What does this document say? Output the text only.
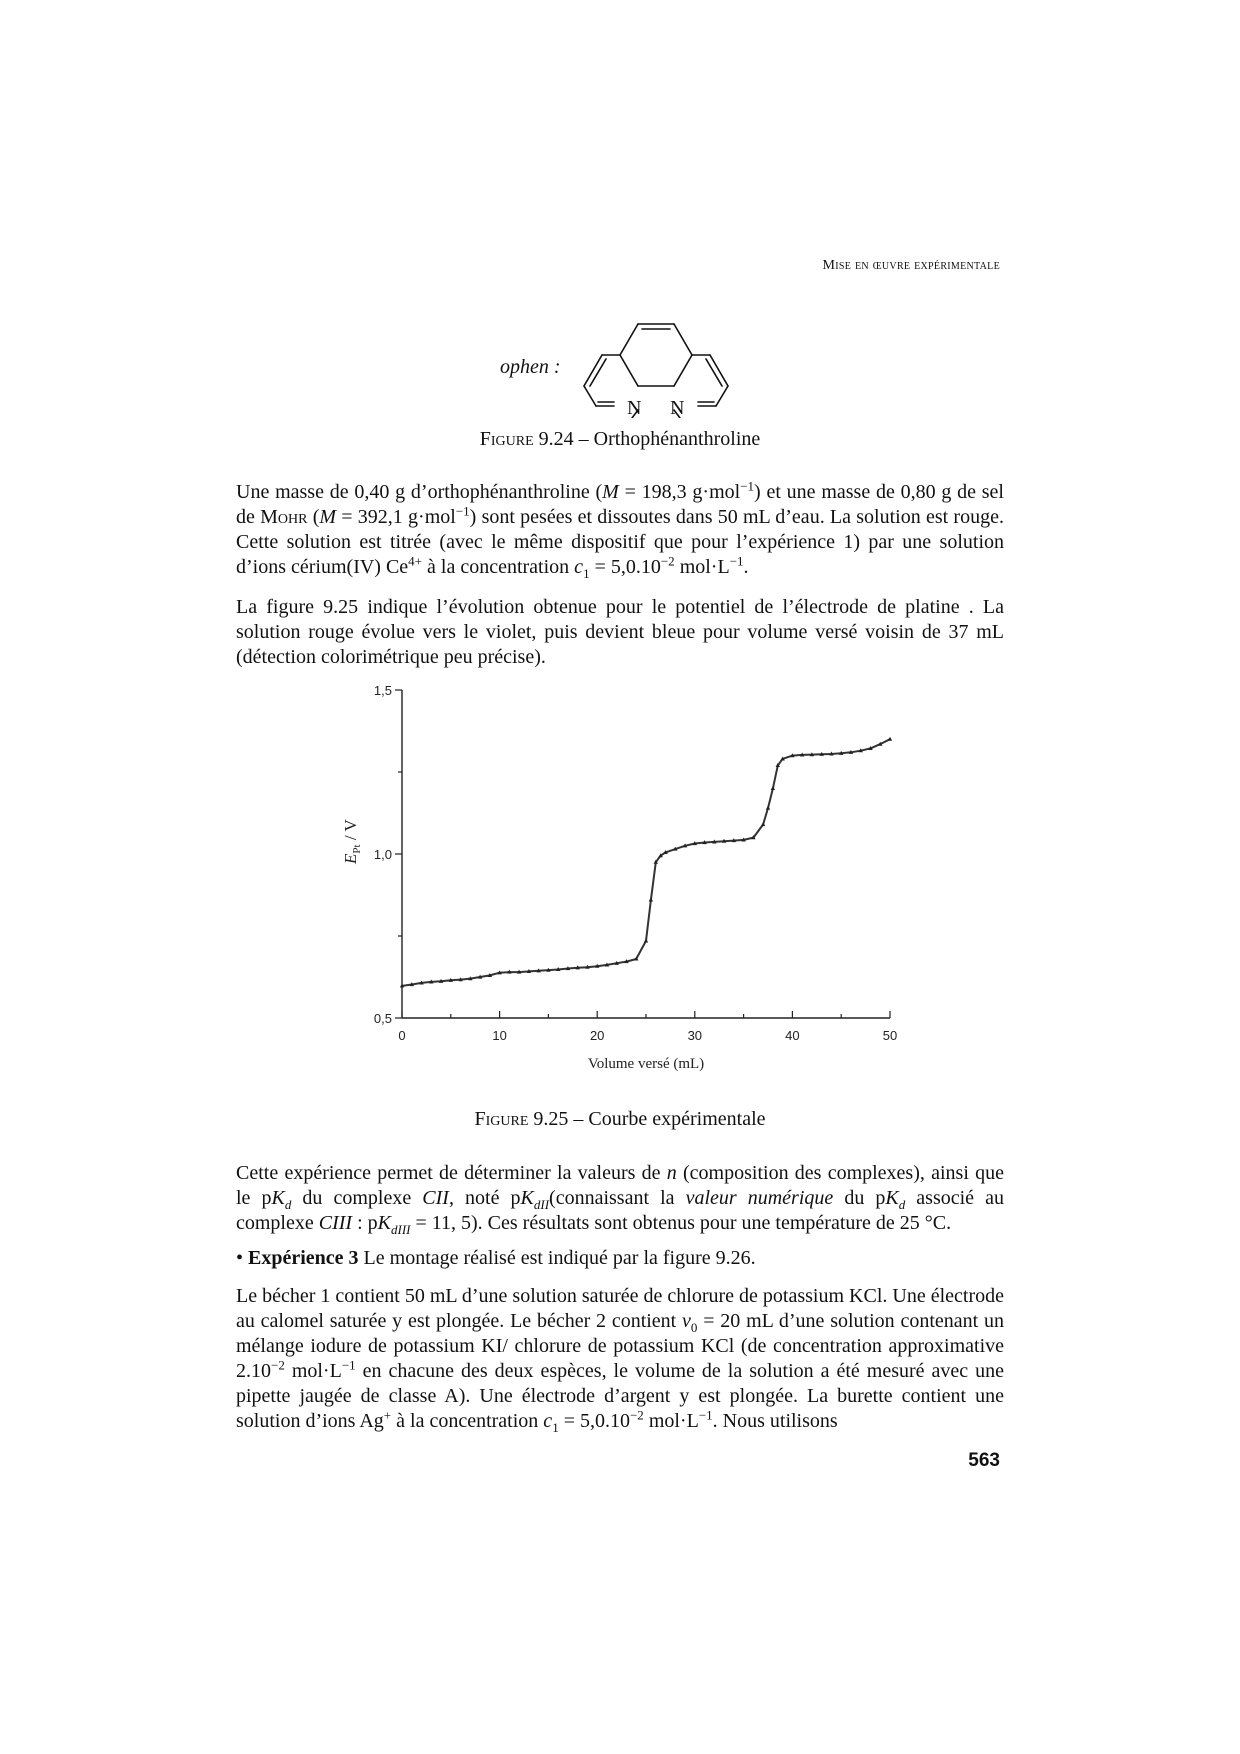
Mise en œuvre expérimentale
ophen :
N N
Figure 9.24 – Orthophénanthroline

Une masse de 0,40 g d’orthophénanthroline (M = 198,3 g·mol$^{-1}$) et une masse de 0,80 g de sel de Mohr (M = 392,1 g·mol$^{-1}$) sont pesées et dissoutes dans 50 mL d’eau. La solution est rouge. Cette solution est titrée (avec le même dispositif que pour l’expérience 1) par une solution d’ions cérium(IV) $Ce^{4+}$ à la concentration $c_1 = 5,0.10^{-2}$ $mol\cdot L^{-1}$.

La figure 9.25 indique l’évolution obtenue pour le potentiel de l’électrode de platine . La solution rouge évolue vers le violet, puis devient bleue pour volume versé voisin de 37 mL (détection colorimétrique peu précise).

0	10	20	30	40	50
0,5
1,0
1,5
Volume versé (mL)
$E_{Pt}$ / V
Figure 9.25 – Courbe expérimentale

Cette expérience permet de déterminer la valeurs de n (composition des complexes), ainsi que le $pK_d$ du complexe CII, noté $pK_{dII}(connaissant$ la valeur numérique du $pK_d$ associé au complexe CIII : $pK_{dIII} = 11$, 5). Ces résultats sont obtenus pour une température de 25 °C.

• Expérience 3 Le montage réalisé est indiqué par la figure 9.26.

Le bécher 1 contient 50 mL d’une solution saturée de chlorure de potassium KCl. Une électrode au calomel saturée y est plongée. Le bécher 2 contient $v_0 = 20$ mL d’une solution contenant un mélange iodure de potassium KI/ chlorure de potassium KCl (de concentration approximative $2.10^{-2}$ $mol\cdot L^{-1}$ en chacune des deux espèces, le volume de la solution a été mesuré avec une pipette jaugée de classe A). Une électrode d’argent y est plongée. La burette contient une solution d’ions Ag+ à la concentration $c_1 = 5,0.10^{-2}$ $mol\cdot L^{-1}$. Nous utilisons

563
